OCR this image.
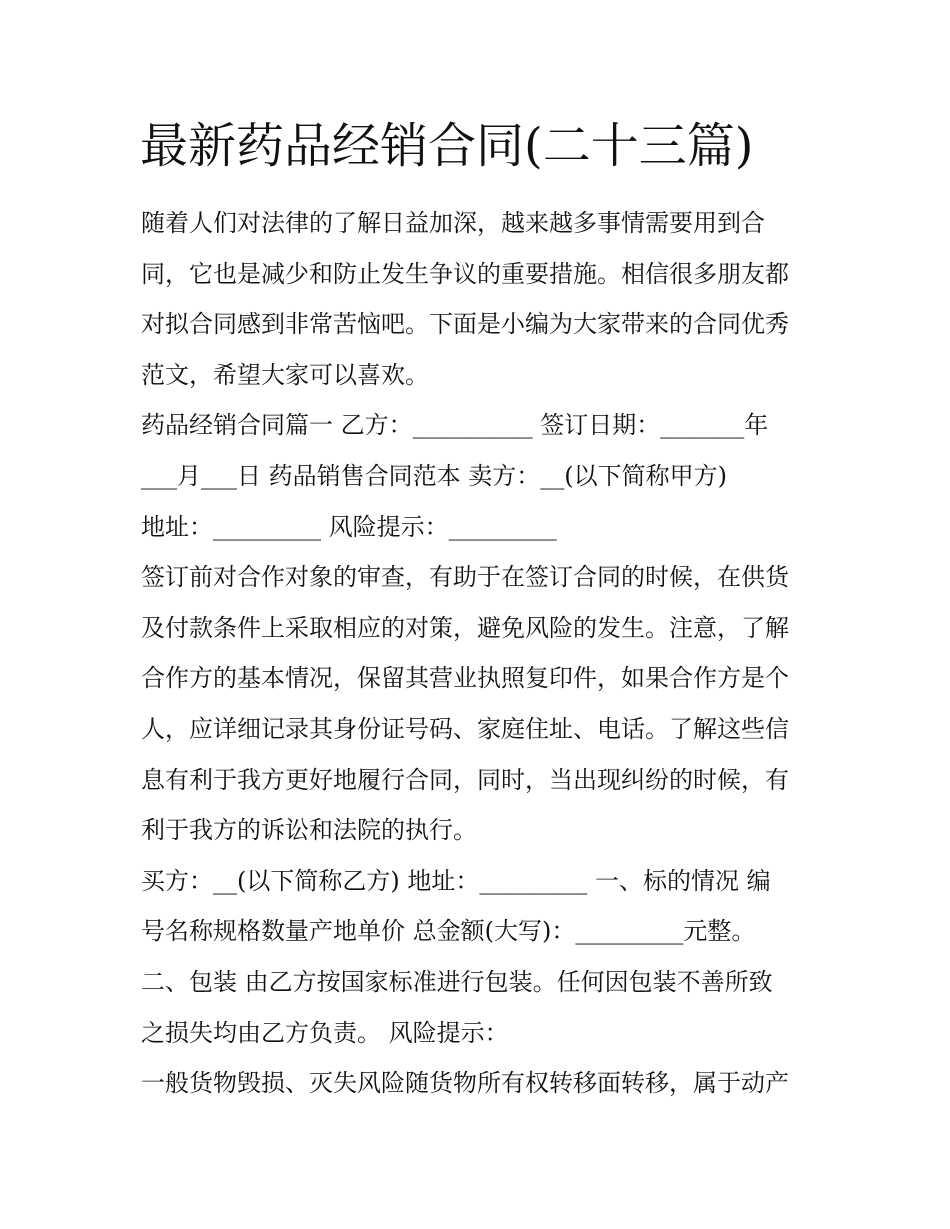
最新药品经销合同(二十三篇)
随着人们对法律的了解日益加深，越来越多事情需要用到合
同，它也是减少和防止发生争议的重要措施。相信很多朋友都
对拟合同感到非常苦恼吧。下面是小编为大家带来的合同优秀
范文，希望大家可以喜欢。
药品经销合同篇一 乙方：__________ 签订日期：_______年
___月___日 药品销售合同范本 卖方：__(以下简称甲方)
地址：_________ 风险提示：_________
签订前对合作对象的审查，有助于在签订合同的时候，在供货
及付款条件上采取相应的对策，避免风险的发生。注意，了解
合作方的基本情况，保留其营业执照复印件，如果合作方是个
人，应详细记录其身份证号码、家庭住址、电话。了解这些信
息有利于我方更好地履行合同，同时，当出现纠纷的时候，有
利于我方的诉讼和法院的执行。
买方：__(以下简称乙方) 地址：_________ 一、标的情况 编
号名称规格数量产地单价 总金额(大写)：_________元整。
二、包装 由乙方按国家标准进行包装。任何因包装不善所致
之损失均由乙方负责。 风险提示：
一般货物毁损、灭失风险随货物所有权转移面转移，属于动产
